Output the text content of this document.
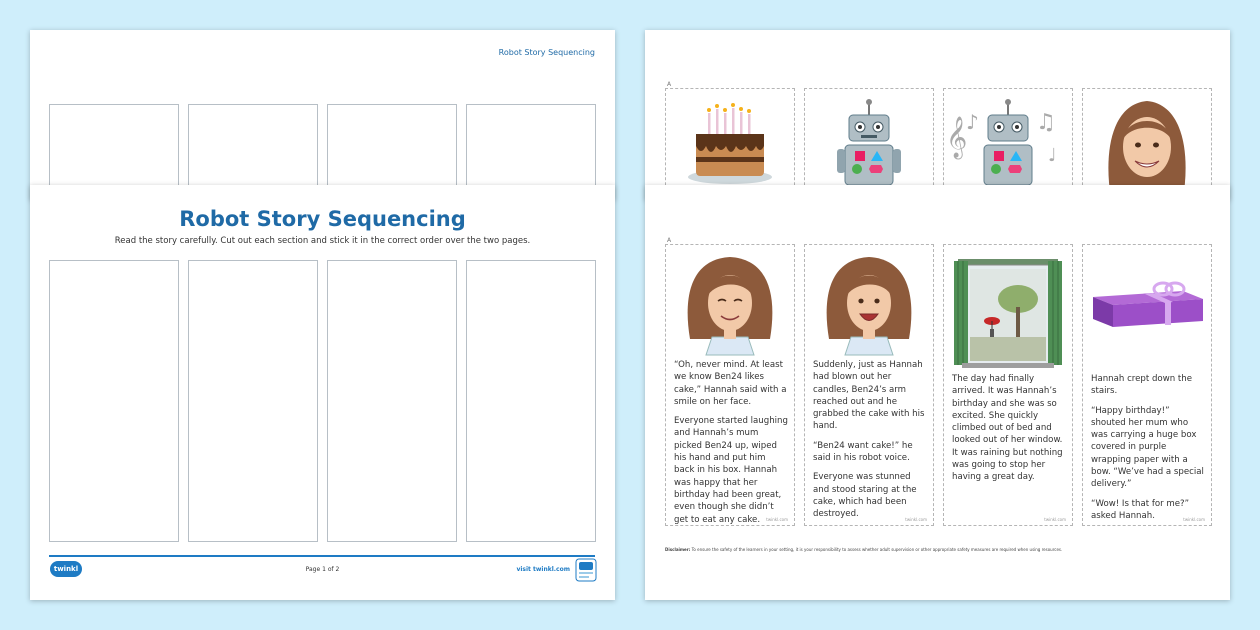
Robot Story Sequencing
A
𝄞
♪	♫
♩
Robot Story Sequencing
Read the story carefully. Cut out each section and stick it in the correct order over the two pages.
twinkl	Page 1 of 2	visit twinkl.com
A

“Oh, never mind. At least we know Ben24 likes cake,” Hannah said with a smile on her face.

Everyone started laughing and Hannah’s mum picked Ben24 up, wiped his hand and put him back in his box. Hannah was happy that her birthday had been great, even though she didn’t get to eat any cake.	twinkl.com

Suddenly, just as Hannah had blown out her candles, Ben24’s arm reached out and he grabbed the cake with his hand.

“Ben24 want cake!” he said in his robot voice.

Everyone was stunned and stood staring at the cake, which had been destroyed.

twinkl.com

The day had finally arrived. It was Hannah’s birthday and she was so excited. She quickly climbed out of bed and looked out of her window. It was raining but nothing was going to stop her having a great day.

twinkl.com

Hannah crept down the stairs.

“Happy birthday!” shouted her mum who was carrying a huge box covered in purple wrapping paper with a bow. “We’ve had a special delivery.”

“Wow! Is that for me?” asked Hannah.	twinkl.com
Disclaimer: To ensure the safety of the learners in your setting, it is your responsibility to assess whether adult supervision or other appropriate safety measures are required when using resources.
